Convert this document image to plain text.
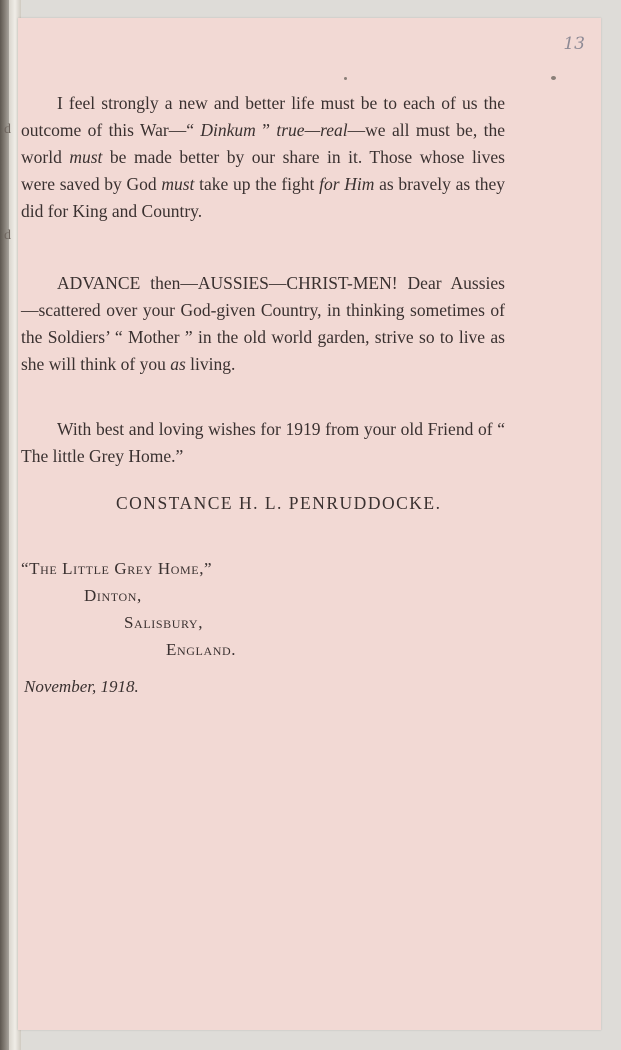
13
d
d

I feel strongly a new and better life must be to each of us the outcome of this War—“ Dinkum ” true—real—we all must be, the world must be made better by our share in it. Those whose lives were saved by God must take up the fight for Him as bravely as they did for King and Country.

ADVANCE then—AUSSIES—CHRIST-MEN! Dear Aussies—scattered over your God-given Country, in thinking sometimes of the Soldiers’ “ Mother ” in the old world garden, strive so to live as she will think of you as living.

With best and loving wishes for 1919 from your old Friend of “ The little Grey Home.”

CONSTANCE H. L. PENRUDDOCKE.
“The Little Grey Home,”
Dinton,
Salisbury,
England.
November, 1918.
